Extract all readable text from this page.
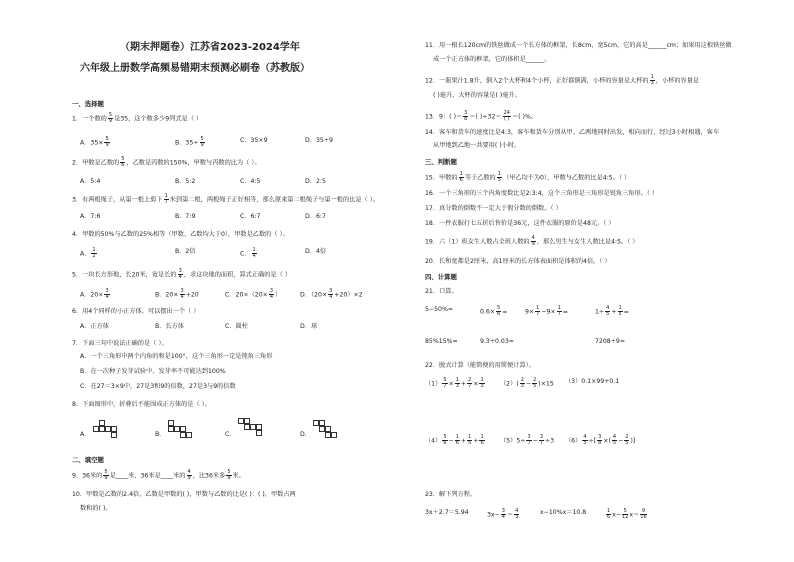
（期末押题卷）江苏省2023-2024学年
六年级上册数学高频易错期末预测必刷卷（苏教版）
一、选择题
1．一个数的 $\frac{5}{9}$ 是35，这个数多少9列式是（ ）
A．$35\times \frac{5}{9}$	B．$35\div \frac{5}{9}$	C．35×9	D．35÷9
2．甲数是乙数的 $\frac{5}{6}$ ，乙数是丙数的150%，甲数与丙数的比为（ ）。
A．5:4	B．5:2	C．4:5	D．2:5
3．有两根绳子，从第一根上剪下 $\frac{1}{7}$ 米到第二根，两根绳子正好相等，那么原来第二根绳子与第一根的比是（ ）。
A．7:6	B．7:9	C．6:7	D．6:7
4．甲数的50%与乙数的25%相等（甲数、乙数均大于0），甲数是乙数的（ ）。
A． $\frac{1}{2}$	B．2倍	C． $\frac{1}{4}$	D．4倍
5．一块长方形地，长20米，宽是长的 $\frac{3}{4}$ ，求这块地的面积，算式正确的是（ ）
A．$20\times \frac{3}{4}$	B．$20\times \frac{3}{4} +20$	C．$20\times(20\times \frac{3}{4}$ ）	D．$(20\times \frac{3}{4} +20)\times 2$
6．用4个同样的小正方体，可以摆出一个（ ）
A．正方体	B．长方体	C．圆柱	D．球
7．下面三句中说法正确的是（ ）。
A．一个三角形中两个内角的和是100°，这个三角形一定是钝角三角形
B．在一次种子发芽试验中，发芽率不可能达到100%
C．在27＝3×9中，27是3和9的倍数，27是3与9的倍数
8．下面图形中，折叠后不能围成正方体的是（ ）。
A．	B．	C．	D．
二、填空题
9．36米的 $\frac{5}{9}$ 是____米，36米是____米的 $\frac{4}{9}$ ，比36米多 $\frac{5}{9}$ 米。
10．甲数是乙数的2.4倍，乙数是甲数的( )，甲数与乙数的比是( )：( )，甲数占两
数和的( )。
11．用一根长120cm的铁丝做成一个长方体的框架，长8cm，宽5cm，它的高是______cm；如果用这根铁丝做
成一个正方体的框架，它的体积是______。
12．一瓶果汁1.8升，倒入2个大杯和4个小杯，正好都倒满，小杯的容量是大杯的 $\frac{1}{3}$ ，小杯的容量是
( )毫升，大杯的容量是( )毫升。
13．9：( )＝ $\frac{3}{8}$ ＝( )÷32＝
24
( ) ＝( )%。
14．客车和货车的速度比是4:3，客车和货车分别从甲、乙两地同时出发，相向而行，经过3小时相遇，客车
从甲地到乙地一共要用( )小时。
三、判断题
15．甲数的 $\frac{1}{6}$ 等于乙数的 $\frac{1}{5}$ （甲乙均不为0），甲数与乙数的比是4:5。（ ）
16．一个三角形的三个内角度数比是2:3:4，这个三角形是三角形是锐角三角形。（ ）
17．真分数的倒数不一定大于假分数的倒数。（ ）
18．一件衣服打七五折后售价是36元，这件衣服的原价是48元。（ ）
19．六（1）班女生人数占全班人数的 $\frac{4}{9}$ ，那么男生与女生人数比是4:5。（ ）
20．长和宽都是2厘米，高1厘米的长方体表面积是体积的4倍。（ ）
四、计算题
21．口算。
5−50%=	$0.6\times \frac{5}{6}$ =	$9\times \frac{1}{7} -9\times \frac{1}{7}$ =	$1\div \frac{4}{5} + \frac{1}{5}$ =
85%15%=	9.3÷0.03=	7208÷9=
22．脱式计算（能简便的用简便计算）。
$(1) \frac{5}{7} \times \frac{1}{3} + \frac{2}{7} \times \frac{1}{3} (2)( \frac{2}{3} - \frac{2}{5} )\times 15$ （3）0.1×99+0.1
$(4) \frac{5}{6} - \frac{1}{6} + \frac{1}{5} + \frac{1}{6} (5)5\div \frac{3}{7} - \frac{3}{7} \div 3$ $(6) \frac{4}{5}$ ÷[ $\frac{3}{8}$ ×( $\frac{4}{5} - \frac{2}{5}$ )]
23．解下列方程。
3x＋2.7＝5.94	$3x- \frac{3}{4} = \frac{4}{3}$	x−10%x＝10.8	$\frac{1}{6} x- \frac{5}{12} x= \frac{9}{16}$
